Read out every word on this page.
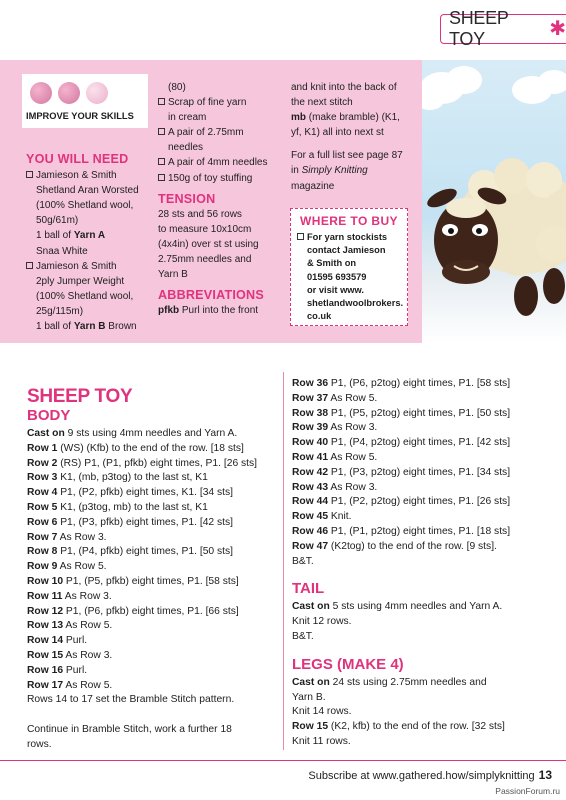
SHEEP TOY	✱
IMPROVE YOUR SKILLS
YOU WILL NEED
Jamieson & Smith
Shetland Aran Worsted
(100% Shetland wool,
50g/61m)
1 ball of Yarn A
Snaa White
Jamieson & Smith
2ply Jumper Weight
(100% Shetland wool,
25g/115m)
1 ball of Yarn B Brown
(80)
Scrap of fine yarn
in cream
A pair of 2.75mm
needles
A pair of 4mm needles
150g of toy stuffing
TENSION
28 sts and 56 rows
to measure 10x10cm
(4x4in) over st st using
2.75mm needles and
Yarn B
ABBREVIATIONS
pfkb Purl into the front
and knit into the back of
the next stitch
mb (make bramble) (K1,
yf, K1) all into next st
For a full list see page 87
in Simply Knitting
magazine
WHERE TO BUY
For yarn stockists
contact Jamieson
& Smith on
01595 693579
or visit www.
shetlandwoolbrokers.
co.uk
SHEEP TOY
BODY
Cast on 9 sts using 4mm needles and Yarn A.
Row 1 (WS) (Kfb) to the end of the row. [18 sts]
Row 2 (RS) P1, (P1, pfkb) eight times, P1. [26 sts]
Row 3 K1, (mb, p3tog) to the last st, K1
Row 4 P1, (P2, pfkb) eight times, K1. [34 sts]
Row 5 K1, (p3tog, mb) to the last st, K1
Row 6 P1, (P3, pfkb) eight times, P1. [42 sts]
Row 7 As Row 3.
Row 8 P1, (P4, pfkb) eight times, P1. [50 sts]
Row 9 As Row 5.
Row 10 P1, (P5, pfkb) eight times, P1. [58 sts]
Row 11 As Row 3.
Row 12 P1, (P6, pfkb) eight times, P1. [66 sts]
Row 13 As Row 5.
Row 14 Purl.
Row 15 As Row 3.
Row 16 Purl.
Row 17 As Row 5.
Rows 14 to 17 set the Bramble Stitch pattern.
Continue in Bramble Stitch, work a further 18
rows.
Row 36 P1, (P6, p2tog) eight times, P1. [58 sts]
Row 37 As Row 5.
Row 38 P1, (P5, p2tog) eight times, P1. [50 sts]
Row 39 As Row 3.
Row 40 P1, (P4, p2tog) eight times, P1. [42 sts]
Row 41 As Row 5.
Row 42 P1, (P3, p2tog) eight times, P1. [34 sts]
Row 43 As Row 3.
Row 44 P1, (P2, p2tog) eight times, P1. [26 sts]
Row 45 Knit.
Row 46 P1, (P1, p2tog) eight times, P1. [18 sts]
Row 47 (K2tog) to the end of the row. [9 sts].
B&T.
TAIL
Cast on 5 sts using 4mm needles and Yarn A.
Knit 12 rows.
B&T.
LEGS (MAKE 4)
Cast on 24 sts using 2.75mm needles and
Yarn B.
Knit 14 rows.
Row 15 (K2, kfb) to the end of the row. [32 sts]
Knit 11 rows.
Subscribe at www.gathered.how/simplyknitting 13
PassionForum.ru
